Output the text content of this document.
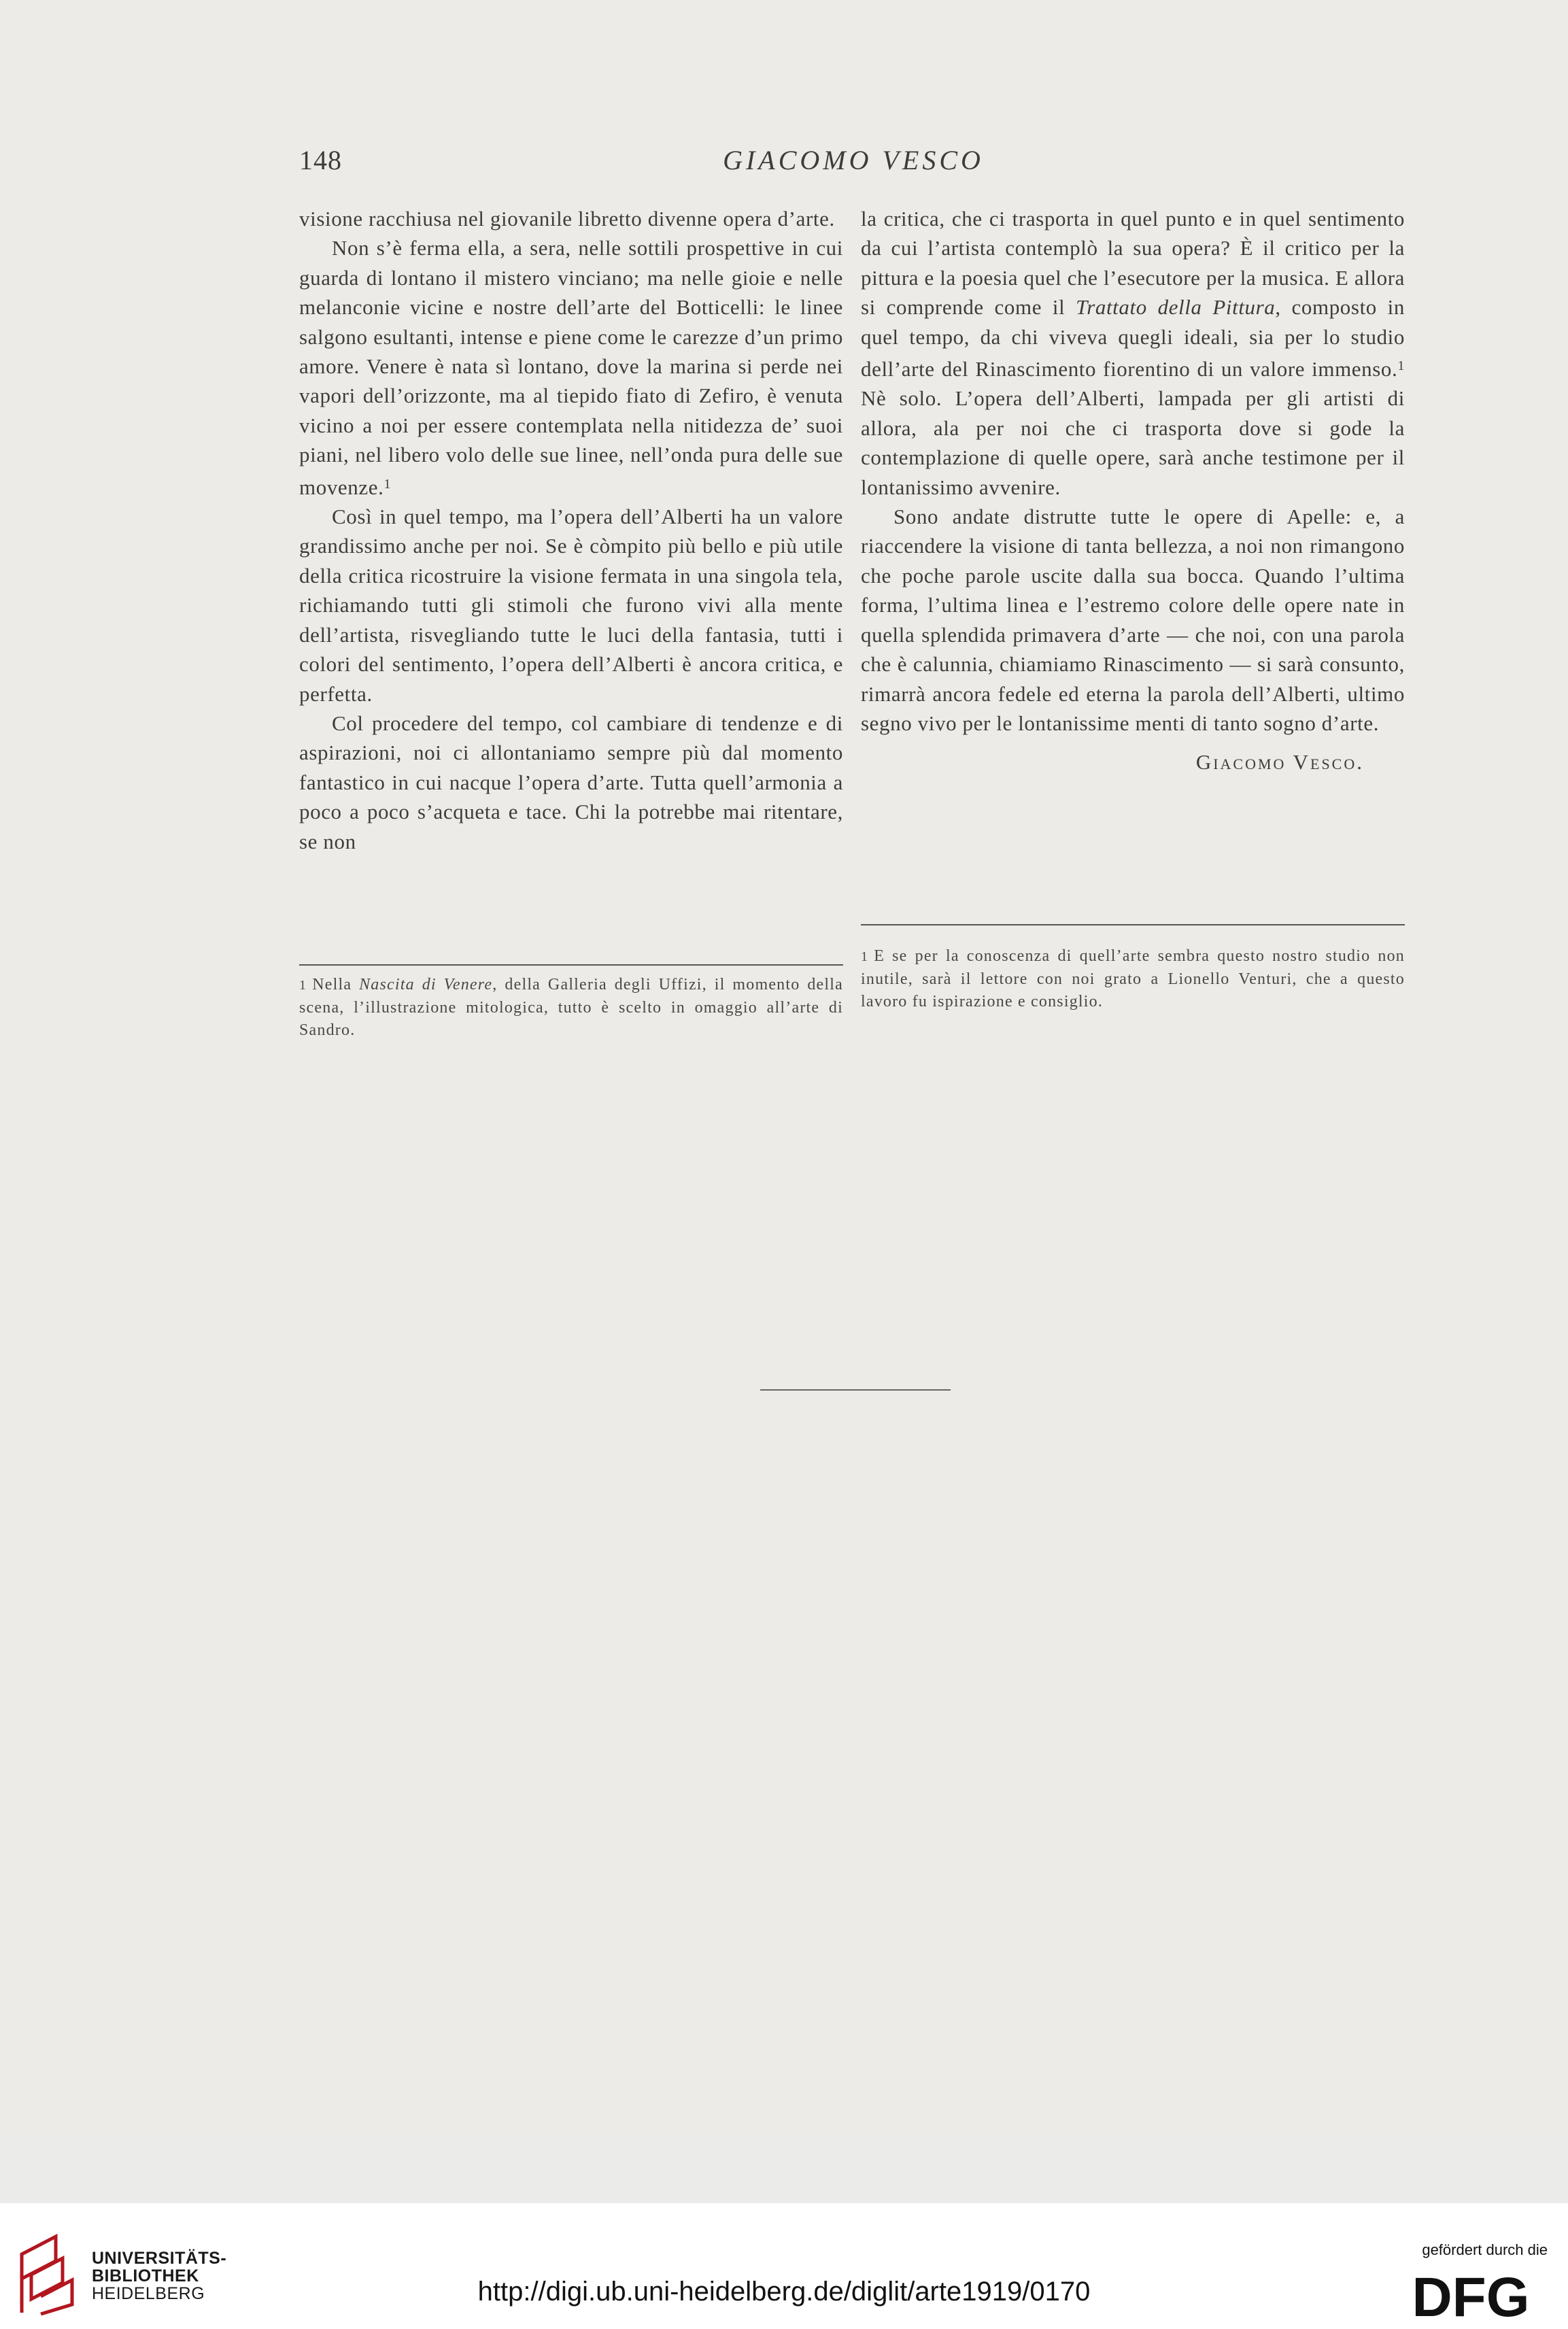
148	GIACOMO VESCO

visione racchiusa nel giovanile libretto divenne opera d’arte.

Non s’è ferma ella, a sera, nelle sottili prospettive in cui guarda di lontano il mistero vinciano; ma nelle gioie e nelle melanconie vicine e nostre dell’arte del Botticelli: le linee salgono esultanti, intense e piene come le carezze d’un primo amore. Venere è nata sì lontano, dove la marina si perde nei vapori dell’orizzonte, ma al tiepido fiato di Zefiro, è venuta vicino a noi per essere contemplata nella nitidezza de’ suoi piani, nel libero volo delle sue linee, nell’onda pura delle sue movenze.$^1$

Così in quel tempo, ma l’opera dell’Alberti ha un valore grandissimo anche per noi. Se è còmpito più bello e più utile della critica ricostruire la visione fermata in una singola tela, richiamando tutti gli stimoli che furono vivi alla mente dell’artista, risvegliando tutte le luci della fantasia, tutti i colori del sentimento, l’opera dell’Alberti è ancora critica, e perfetta.

Col procedere del tempo, col cambiare di tendenze e di aspirazioni, noi ci allontaniamo sempre più dal momento fantastico in cui nacque l’opera d’arte. Tutta quell’armonia a poco a poco s’acqueta e tace. Chi la potrebbe mai ritentare, se non

1 Nella Nascita di Venere, della Galleria degli Uffizi, il momento della scena, l’illustrazione mitologica, tutto è scelto in omaggio all’arte di Sandro.

la critica, che ci trasporta in quel punto e in quel sentimento da cui l’artista contemplò la sua opera? È il critico per la pittura e la poesia quel che l’esecutore per la musica. E allora si comprende come il Trattato della Pittura, composto in quel tempo, da chi viveva quegli ideali, sia per lo studio dell’arte del Rinascimento fiorentino di un valore immenso.$^1$ Nè solo. L’opera dell’Alberti, lampada per gli artisti di allora, ala per noi che ci trasporta dove si gode la contemplazione di quelle opere, sarà anche testimone per il lontanissimo avvenire.

Sono andate distrutte tutte le opere di Apelle: e, a riaccendere la visione di tanta bellezza, a noi non rimangono che poche parole uscite dalla sua bocca. Quando l’ultima forma, l’ultima linea e l’estremo colore delle opere nate in quella splendida primavera d’arte — che noi, con una parola che è calunnia, chiamiamo Rinascimento — si sarà consunto, rimarrà ancora fedele ed eterna la parola dell’Alberti, ultimo segno vivo per le lontanissime menti di tanto sogno d’arte.

Giacomo Vesco.

1 E se per la conoscenza di quell’arte sembra questo nostro studio non inutile, sarà il lettore con noi grato a Lionello Venturi, che a questo lavoro fu ispirazione e consiglio.

UNIVERSITÄTS-
BIBLIOTHEK
HEIDELBERG	http://digi.ub.uni-heidelberg.de/diglit/arte1919/0170
gefördert durch die
DFG
